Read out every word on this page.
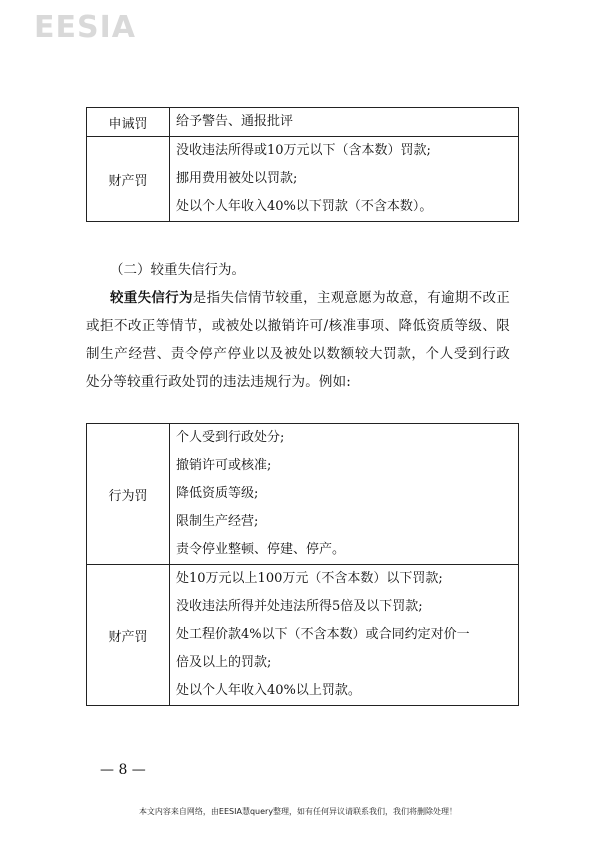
EESIA
申诫罚	给予警告、通报批评

财产罚	没收违法所得或10万元以下（含本数）罚款;
挪用费用被处以罚款;
处以个人年收入40%以下罚款（不含本数）。

（二）较重失信行为。

较重失信行为是指失信情节较重，主观意愿为故意，有逾期不改正或拒不改正等情节，或被处以撤销许可/核准事项、降低资质等级、限制生产经营、责令停产停业以及被处以数额较大罚款，个人受到行政处分等较重行政处罚的违法违规行为。例如:

行为罚	个人受到行政处分;
撤销许可或核准;
降低资质等级;
限制生产经营;
责令停业整顿、停建、停产。

财产罚	处10万元以上100万元（不含本数）以下罚款;
没收违法所得并处违法所得5倍及以下罚款;
处工程价款4%以下（不含本数）或合同约定对价一
倍及以上的罚款;
处以个人年收入40%以上罚款。
— 8 —
本文内容来自网络，由EESIA慧query整理，如有任何异议请联系我们，我们将删除处理！
